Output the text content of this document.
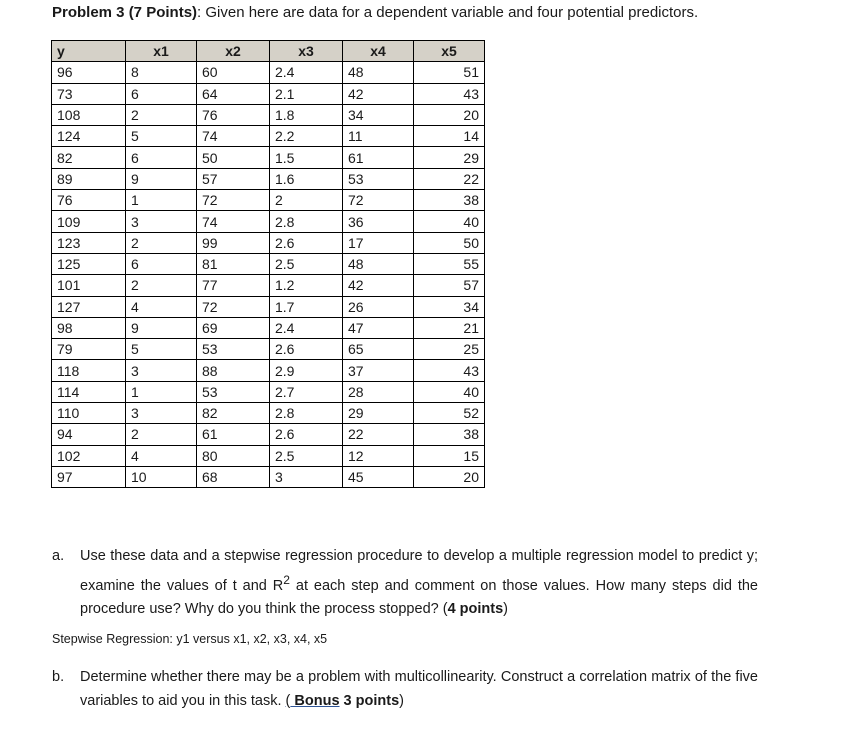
Problem 3 (7 Points): Given here are data for a dependent variable and four potential predictors.
y	x1	x2	x3	x4	x5
96	8	60	2.4	48	51
73	6	64	2.1	42	43
108	2	76	1.8	34	20
124	5	74	2.2	11	14
82	6	50	1.5	61	29
89	9	57	1.6	53	22
76	1	72	2	72	38
109	3	74	2.8	36	40
123	2	99	2.6	17	50
125	6	81	2.5	48	55
101	2	77	1.2	42	57
127	4	72	1.7	26	34
98	9	69	2.4	47	21
79	5	53	2.6	65	25
118	3	88	2.9	37	43
114	1	53	2.7	28	40
110	3	82	2.8	29	52
94	2	61	2.6	22	38
102	4	80	2.5	12	15
97	10	68	3	45	20
a. Use these data and a stepwise regression procedure to develop a multiple regression model to predict y; examine the values of t and $R^2$ at each step and comment on those values. How many steps did the procedure use? Why do you think the process stopped? (4 points)
Stepwise Regression: y1 versus x1, x2, x3, x4, x5
b. Determine whether there may be a problem with multicollinearity. Construct a correlation matrix of the five variables to aid you in this task. ( Bonus 3 points)
